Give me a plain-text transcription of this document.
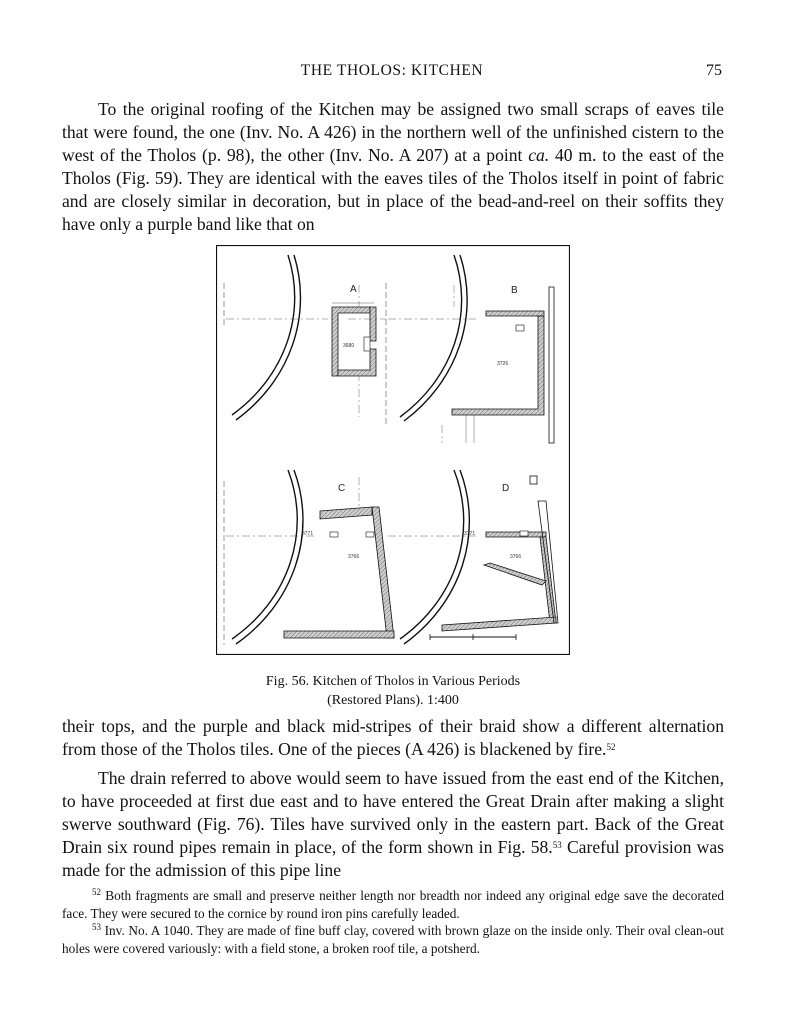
THE THOLOS: KITCHEN	75

To the original roofing of the Kitchen may be assigned two small scraps of eaves tile that were found, the one (Inv. No. A 426) in the northern well of the unfinished cistern to the west of the Tholos (p. 98), the other (Inv. No. A 207) at a point ca. 40 m. to the east of the Tholos (Fig. 59). They are identical with the eaves tiles of the Tholos itself in point of fabric and are closely similar in decoration, but in place of the bead-and-reel on their soffits they have only a purple band like that on

A
3680
B
3726
C
3771
3766
D
3771
3766
Fig. 56. Kitchen of Tholos in Various Periods
(Restored Plans). 1:400

their tops, and the purple and black mid-stripes of their braid show a different alternation from those of the Tholos tiles. One of the pieces (A 426) is blackened by fire.$^{52}$

The drain referred to above would seem to have issued from the east end of the Kitchen, to have proceeded at first due east and to have entered the Great Drain after making a slight swerve southward (Fig. 76). Tiles have survived only in the eastern part. Back of the Great Drain six round pipes remain in place, of the form shown in Fig. 58.53 Careful provision was made for the admission of this pipe line

$^{52}$ Both fragments are small and preserve neither length nor breadth nor indeed any original edge save the decorated face. They were secured to the cornice by round iron pins carefully leaded.

$^{53}$ Inv. No. A 1040. They are made of fine buff clay, covered with brown glaze on the inside only. Their oval clean-out holes were covered variously: with a field stone, a broken roof tile, a potsherd.
